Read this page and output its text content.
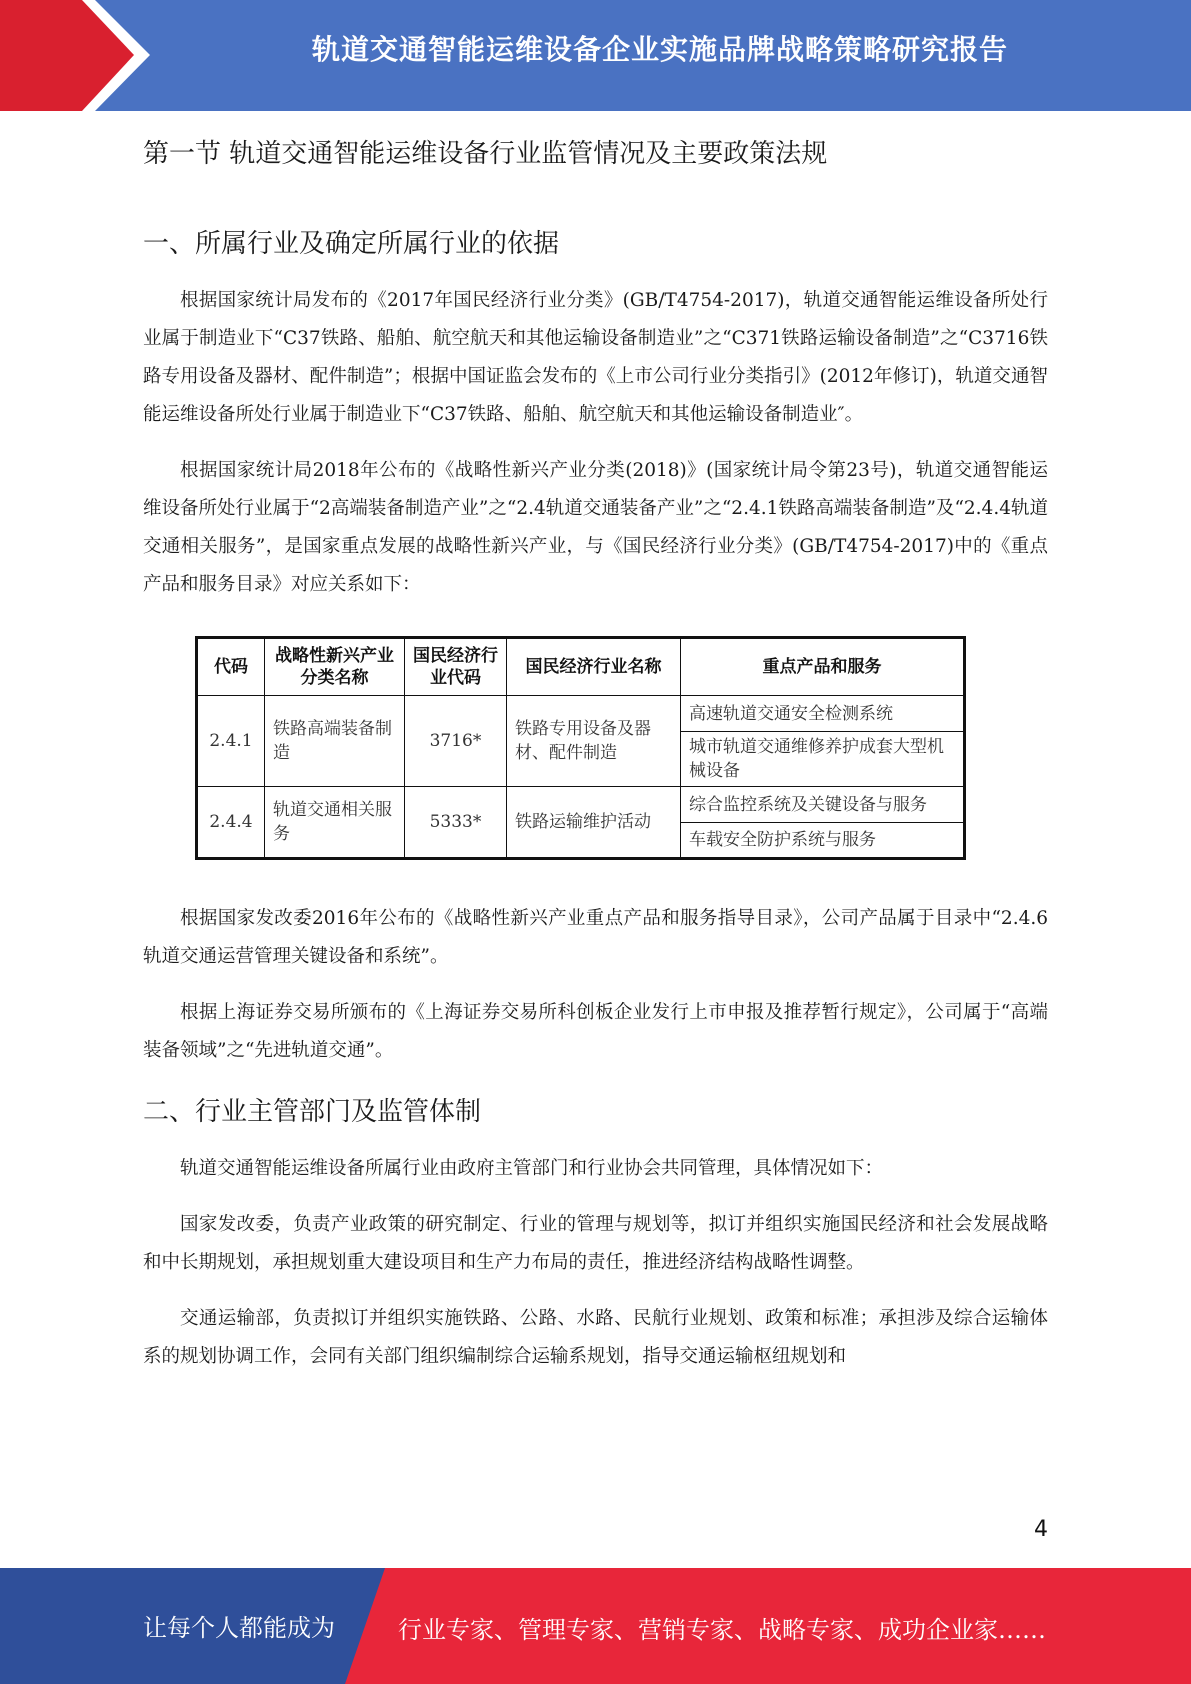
轨道交通智能运维设备企业实施品牌战略策略研究报告
第一节 轨道交通智能运维设备行业监管情况及主要政策法规
一、所属行业及确定所属行业的依据

根据国家统计局发布的《2017年国民经济行业分类》(GB/T4754-2017)，轨道交通智能运维设备所处行业属于制造业下“C37铁路、船舶、航空航天和其他运输设备制造业”之“C371铁路运输设备制造”之“C3716铁路专用设备及器材、配件制造”；根据中国证监会发布的《上市公司行业分类指引》(2012年修订)，轨道交通智能运维设备所处行业属于制造业下“C37铁路、船舶、航空航天和其他运输设备制造业″。

根据国家统计局2018年公布的《战略性新兴产业分类(2018)》(国家统计局令第23号)，轨道交通智能运维设备所处行业属于“2高端装备制造产业”之“2.4轨道交通装备产业”之“2.4.1铁路高端装备制造”及“2.4.4轨道交通相关服务”，是国家重点发展的战略性新兴产业，与《国民经济行业分类》(GB/T4754-2017)中的《重点产品和服务目录》对应关系如下：

代码	战略性新兴产业分类名称	国民经济行业代码	国民经济行业名称	重点产品和服务
2.4.1	铁路高端装备制造	3716*	铁路专用设备及器材、配件制造	高速轨道交通安全检测系统
				城市轨道交通维修养护成套大型机械设备
2.4.4	轨道交通相关服务	5333*	铁路运输维护活动	综合监控系统及关键设备与服务
				车载安全防护系统与服务

根据国家发改委2016年公布的《战略性新兴产业重点产品和服务指导目录》，公司产品属于目录中“2.4.6轨道交通运营管理关键设备和系统”。

根据上海证券交易所颁布的《上海证券交易所科创板企业发行上市申报及推荐暂行规定》，公司属于“高端装备领域”之“先进轨道交通”。

二、行业主管部门及监管体制

轨道交通智能运维设备所属行业由政府主管部门和行业协会共同管理，具体情况如下：

国家发改委，负责产业政策的研究制定、行业的管理与规划等，拟订并组织实施国民经济和社会发展战略和中长期规划，承担规划重大建设项目和生产力布局的责任，推进经济结构战略性调整。

交通运输部，负责拟订并组织实施铁路、公路、水路、民航行业规划、政策和标准；承担涉及综合运输体系的规划协调工作，会同有关部门组织编制综合运输系规划，指导交通运输枢纽规划和

4
让每个人都能成为	行业专家、管理专家、营销专家、战略专家、成功企业家……
